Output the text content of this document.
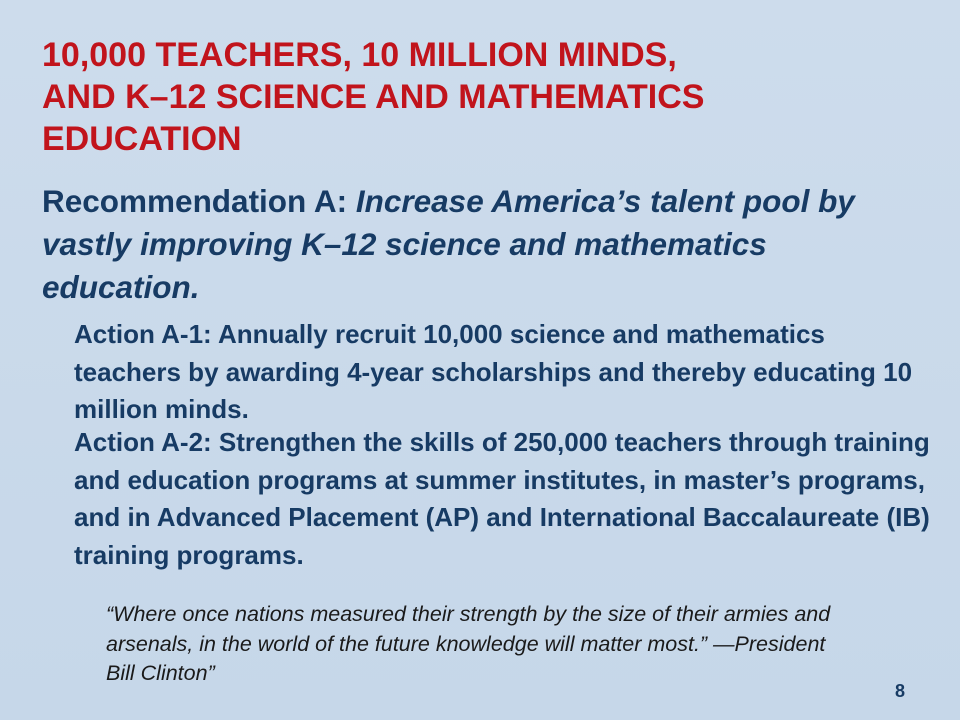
10,000 TEACHERS, 10 MILLION MINDS,
AND K–12 SCIENCE AND MATHEMATICS
EDUCATION

Recommendation A: Increase America’s talent pool by vastly improving K–12 science and mathematics education.

Action A-1: Annually recruit 10,000 science and mathematics teachers by awarding 4-year scholarships and thereby educating 10 million minds.

Action A-2: Strengthen the skills of 250,000 teachers through training and education programs at summer institutes, in master’s programs, and in Advanced Placement (AP) and International Baccalaureate (IB) training programs.

“Where once nations measured their strength by the size of their armies and arsenals, in the world of the future knowledge will matter most.” —President Bill Clinton”

8
